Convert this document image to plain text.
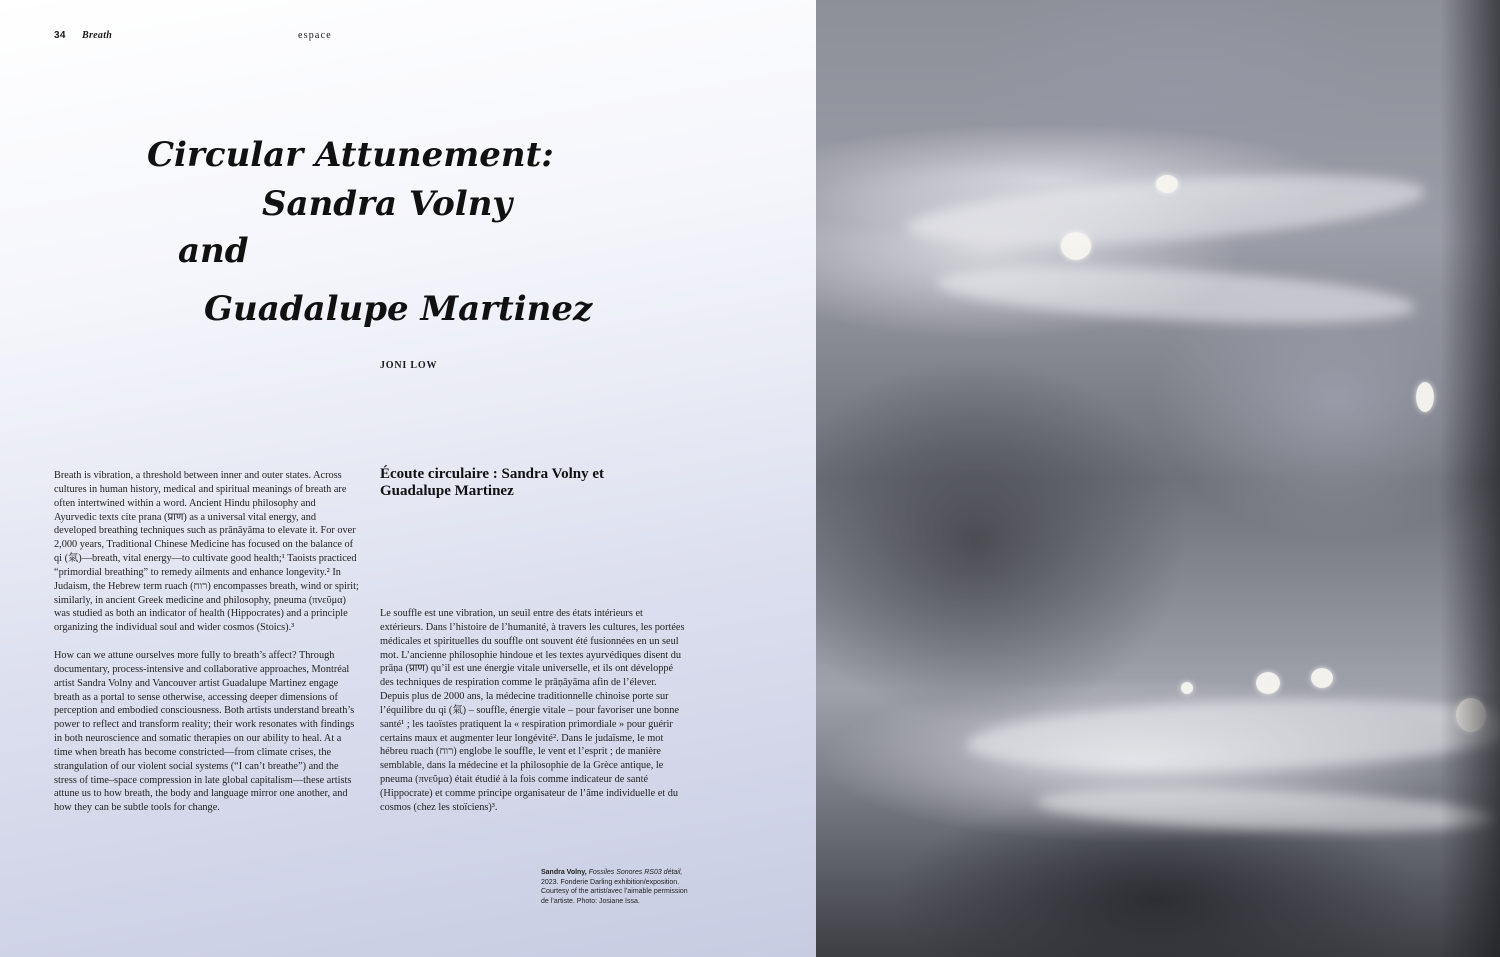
34 Breath	espace
Circular Attunement:
Sandra Volny
and
Guadalupe Martinez

JONI LOW

Breath is vibration, a threshold between inner and outer states. Across cultures in human history, medical and spiritual meanings of breath are often intertwined within a word. Ancient Hindu philosophy and Ayurvedic texts cite prana (प्राण) as a universal vital energy, and developed breathing techniques such as prānāyāma to elevate it. For over 2,000 years, Traditional Chinese Medicine has focused on the balance of qi (氣)—breath, vital energy—to cultivate good health;¹ Taoists practiced “primordial breathing” to remedy ailments and enhance longevity.² In Judaism, the Hebrew term ruach (רוח) encompasses breath, wind or spirit; similarly, in ancient Greek medicine and philosophy, pneuma (πνεῦμα) was studied as both an indicator of health (Hippocrates) and a principle organizing the individual soul and wider cosmos (Stoics).³

How can we attune ourselves more fully to breath’s affect? Through documentary, process-intensive and collaborative approaches, Montréal artist Sandra Volny and Vancouver artist Guadalupe Martinez engage breath as a portal to sense otherwise, accessing deeper dimensions of perception and embodied consciousness. Both artists understand breath’s power to reflect and transform reality; their work resonates with findings in both neuroscience and somatic therapies on our ability to heal. At a time when breath has become constricted—from climate crises, the strangulation of our violent social systems (“I can’t breathe”) and the stress of time–space compression in late global capitalism—these artists attune us to how breath, the body and language mirror one another, and how they can be subtle tools for change.

Écoute circulaire : Sandra Volny et Guadalupe Martinez

Le souffle est une vibration, un seuil entre des états intérieurs et extérieurs. Dans l’histoire de l’humanité, à travers les cultures, les portées médicales et spirituelles du souffle ont souvent été fusionnées en un seul mot. L’ancienne philosophie hindoue et les textes ayurvédiques disent du prāṇa (प्राण) qu’il est une énergie vitale universelle, et ils ont développé des techniques de respiration comme le prāṇāyāma afin de l’élever. Depuis plus de 2000 ans, la médecine traditionnelle chinoise porte sur l’équilibre du qi (氣) – souffle, énergie vitale – pour favoriser une bonne santé¹ ; les taoïstes pratiquent la « respiration primordiale » pour guérir certains maux et augmenter leur longévité². Dans le judaïsme, le mot hébreu ruach (רוח) englobe le souffle, le vent et l’esprit ; de manière semblable, dans la médecine et la philosophie de la Grèce antique, le pneuma (πνεῦμα) était étudié à la fois comme indicateur de santé (Hippocrate) et comme principe organisateur de l’âme individuelle et du cosmos (chez les stoïciens)³.

Sandra Volny, Fossiles Sonores RS03 détail, 2023. Fonderie Darling exhibition/exposition. Courtesy of the artist/avec l’aimable permission de l’artiste. Photo: Josiane Issa.
